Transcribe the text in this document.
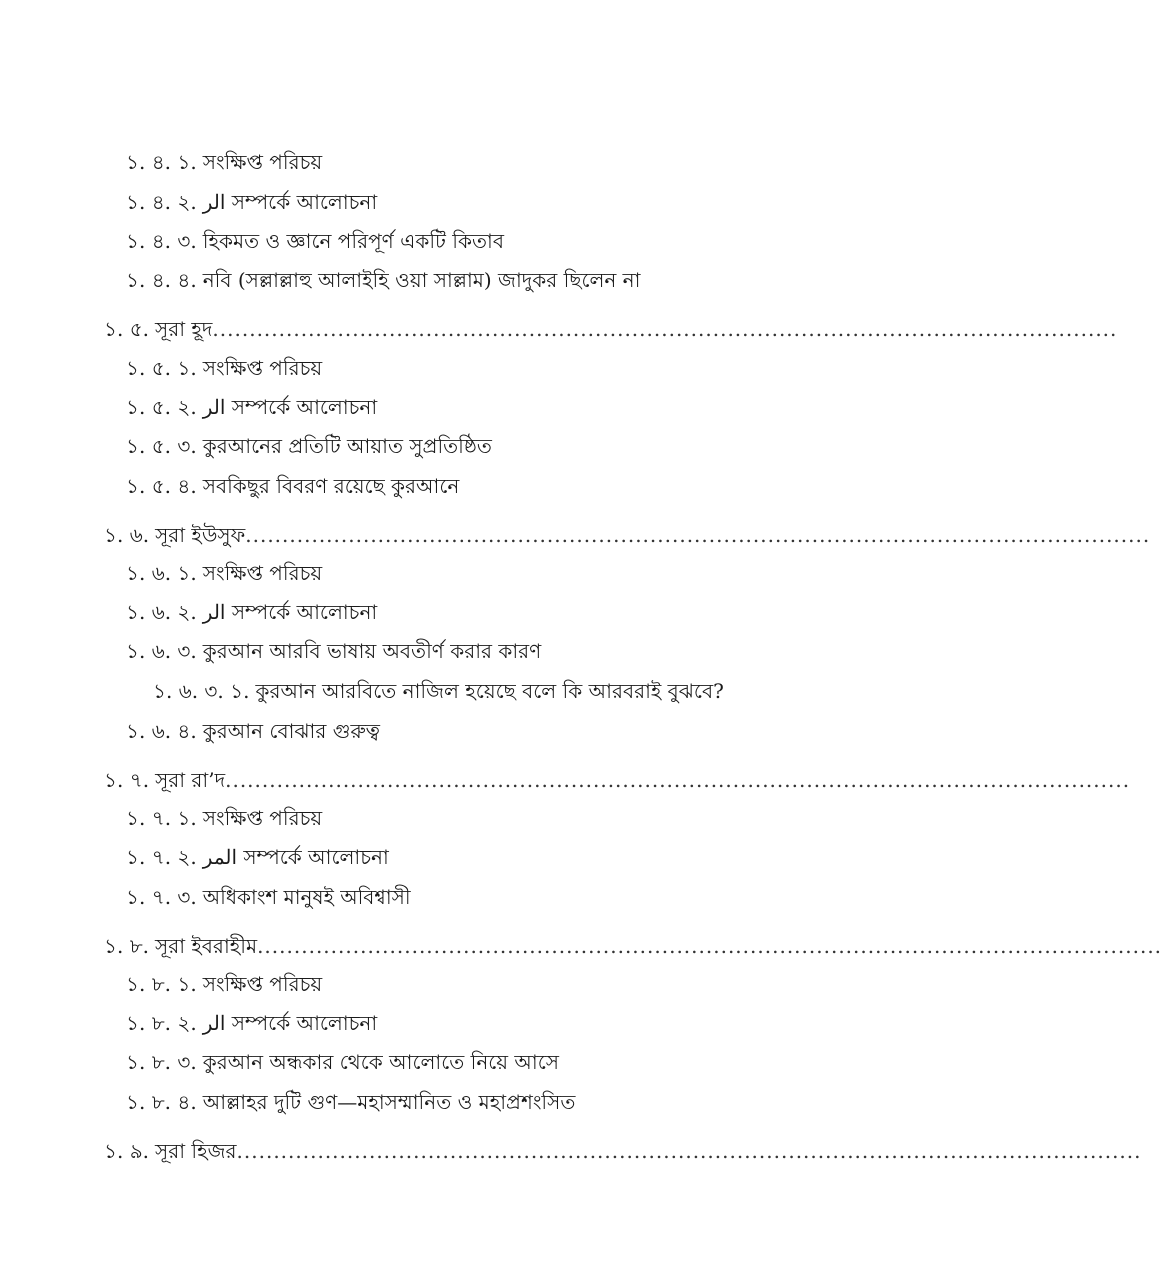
১. ৪. ১. সংক্ষিপ্ত পরিচয়
১. ৪. ২. الر সম্পর্কে আলোচনা
১. ৪. ৩. হিকমত ও জ্ঞানে পরিপূর্ণ একটি কিতাব
১. ৪. ৪. নবি (সল্লাল্লাহু আলাইহি ওয়া সাল্লাম) জাদুকর ছিলেন না
১. ৫. সূরা হূদ ...........................................................................................................................
১. ৫. ১. সংক্ষিপ্ত পরিচয়
১. ৫. ২. الر সম্পর্কে আলোচনা
১. ৫. ৩. কুরআনের প্রতিটি আয়াত সুপ্রতিষ্ঠিত
১. ৫. ৪. সবকিছুর বিবরণ রয়েছে কুরআনে
১. ৬. সূরা ইউসুফ ...........................................................................................................................
১. ৬. ১. সংক্ষিপ্ত পরিচয়
১. ৬. ২. الر সম্পর্কে আলোচনা
১. ৬. ৩. কুরআন আরবি ভাষায় অবতীর্ণ করার কারণ
১. ৬. ৩. ১. কুরআন আরবিতে নাজিল হয়েছে বলে কি আরবরাই বুঝবে?
১. ৬. ৪. কুরআন বোঝার গুরুত্ব
১. ৭. সূরা রা’দ ...........................................................................................................................
১. ৭. ১. সংক্ষিপ্ত পরিচয়
১. ৭. ২. المر সম্পর্কে আলোচনা
১. ৭. ৩. অধিকাংশ মানুষই অবিশ্বাসী
১. ৮. সূরা ইবরাহীম ...........................................................................................................................
১. ৮. ১. সংক্ষিপ্ত পরিচয়
১. ৮. ২. الر সম্পর্কে আলোচনা
১. ৮. ৩. কুরআন অন্ধকার থেকে আলোতে নিয়ে আসে
১. ৮. ৪. আল্লাহর দুটি গুণ—মহাসম্মানিত ও মহাপ্রশংসিত
১. ৯. সূরা হিজর ...........................................................................................................................
